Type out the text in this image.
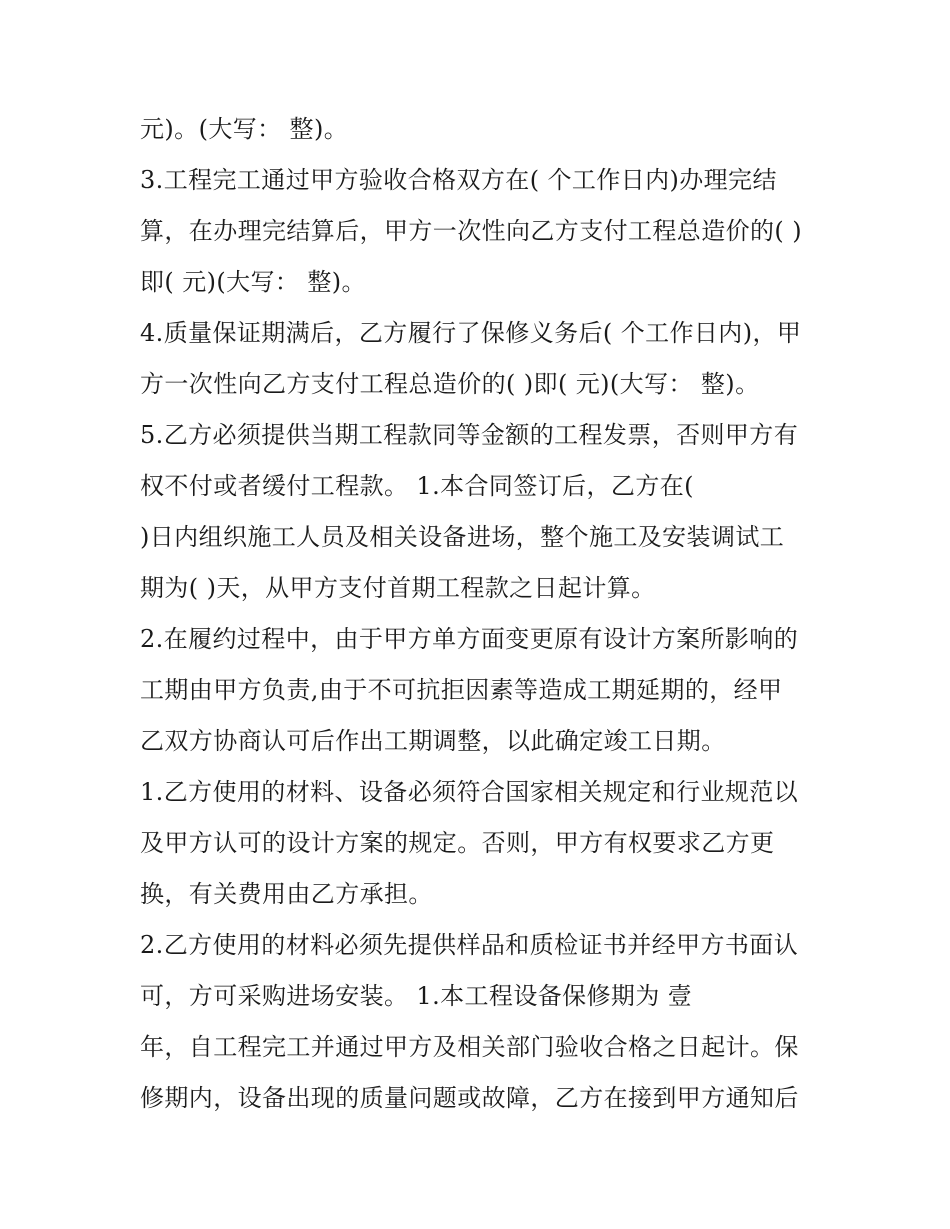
元)。(大写： 整)。
3.工程完工通过甲方验收合格双方在( 个工作日内)办理完结
算，在办理完结算后，甲方一次性向乙方支付工程总造价的( )
即( 元)(大写： 整)。
4.质量保证期满后，乙方履行了保修义务后( 个工作日内)，甲
方一次性向乙方支付工程总造价的( )即( 元)(大写： 整)。
5.乙方必须提供当期工程款同等金额的工程发票，否则甲方有
权不付或者缓付工程款。 1.本合同签订后，乙方在(
)日内组织施工人员及相关设备进场，整个施工及安装调试工
期为( )天，从甲方支付首期工程款之日起计算。
2.在履约过程中，由于甲方单方面变更原有设计方案所影响的
工期由甲方负责,由于不可抗拒因素等造成工期延期的，经甲
乙双方协商认可后作出工期调整，以此确定竣工日期。
1.乙方使用的材料、设备必须符合国家相关规定和行业规范以
及甲方认可的设计方案的规定。否则，甲方有权要求乙方更
换，有关费用由乙方承担。
2.乙方使用的材料必须先提供样品和质检证书并经甲方书面认
可，方可采购进场安装。 1.本工程设备保修期为 壹
年，自工程完工并通过甲方及相关部门验收合格之日起计。保
修期内，设备出现的质量问题或故障，乙方在接到甲方通知后
